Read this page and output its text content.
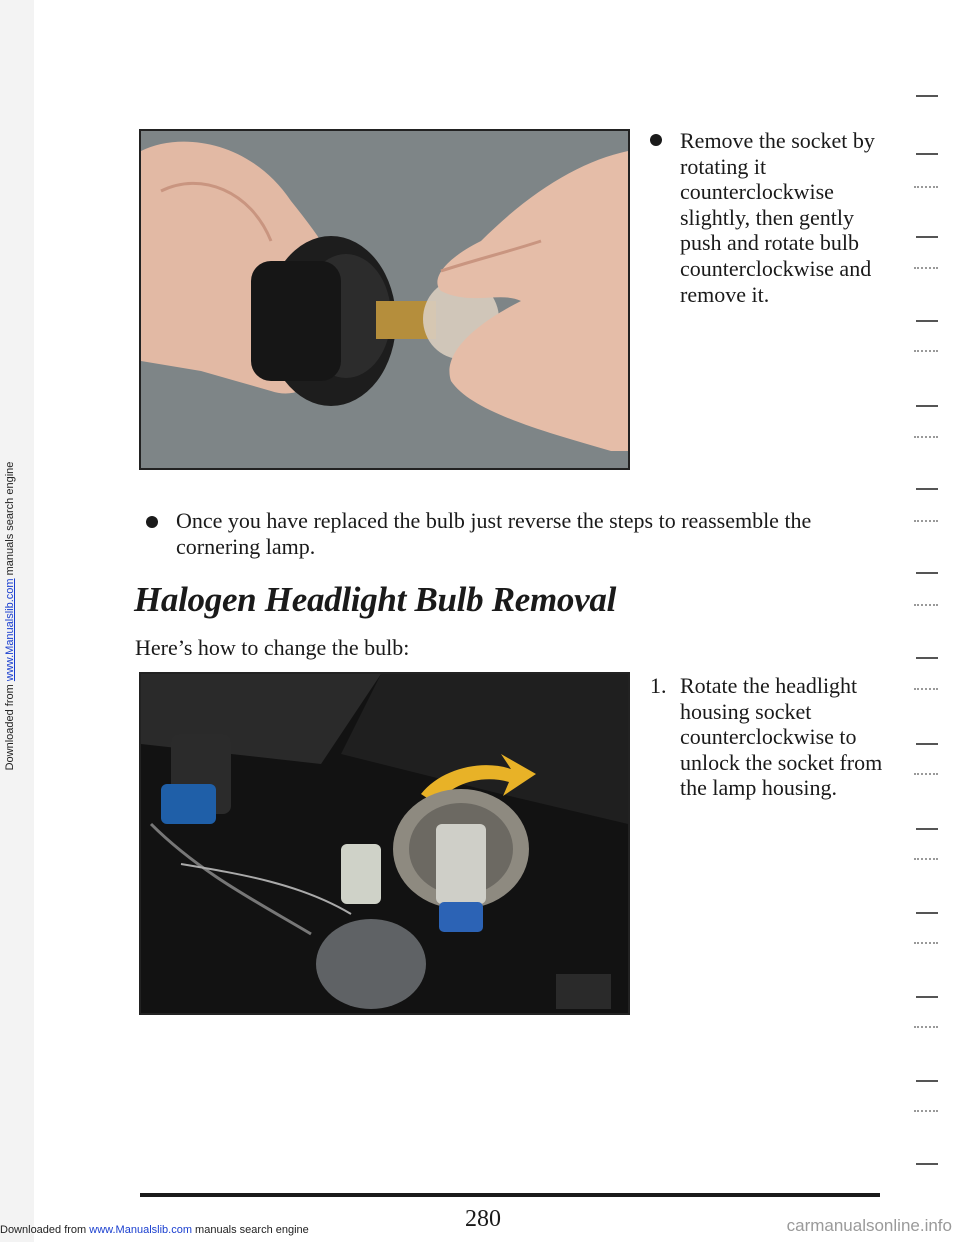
Downloaded from www.Manualslib.com manuals search engine
Remove the socket by rotating it counterclockwise slightly, then gently push and rotate bulb counterclockwise and remove it.

Once you have replaced the bulb just reverse the steps to reassemble the cornering lamp.

Halogen Headlight Bulb Removal

Here’s how to change the bulb:

1. Rotate the headlight housing socket counterclockwise to unlock the socket from the lamp housing.
280
Downloaded from www.Manualslib.com manuals search engine	carmanualsonline.info
